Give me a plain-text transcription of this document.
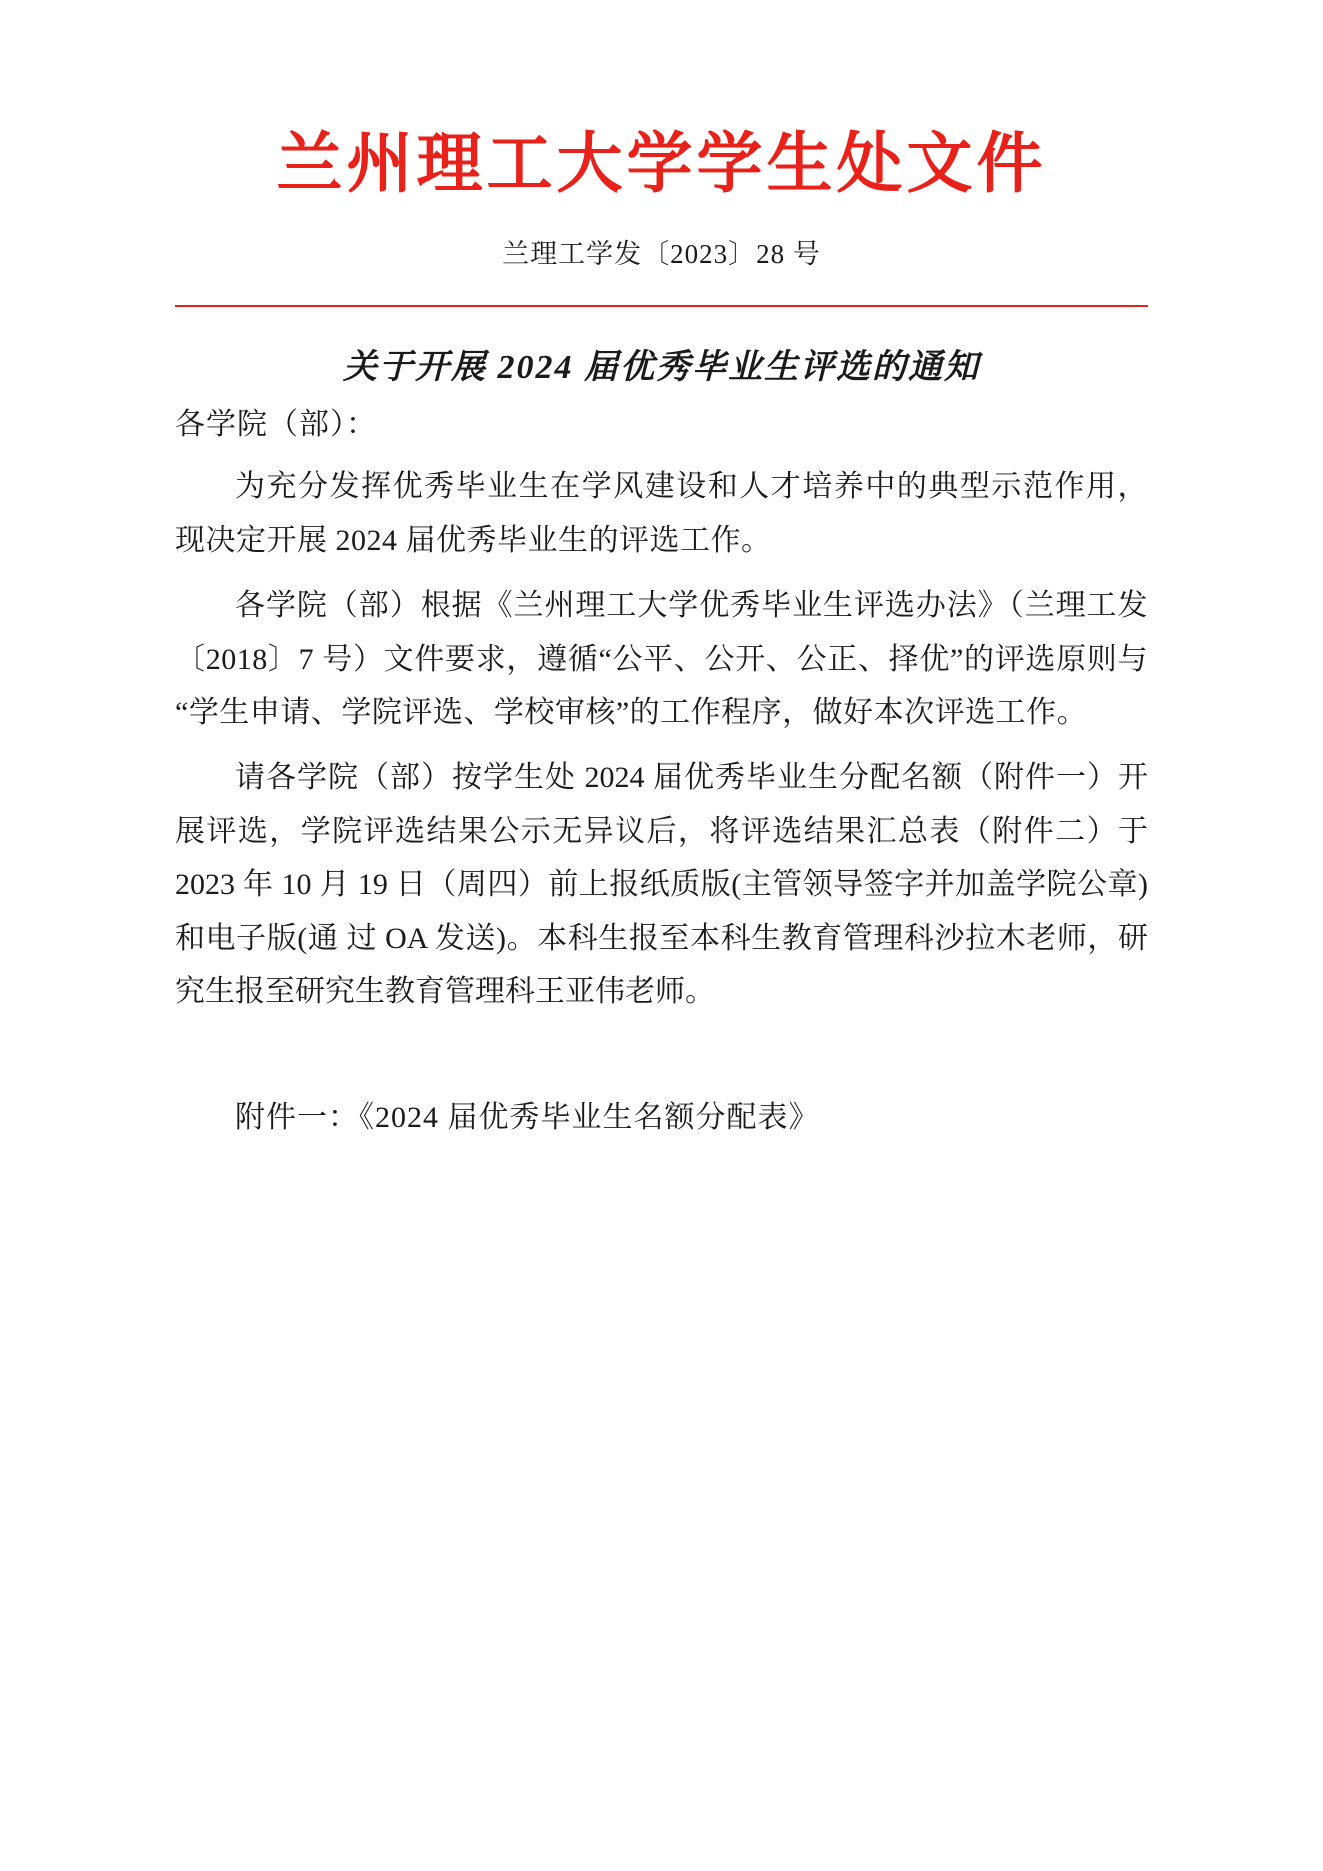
兰州理工大学学生处文件
兰理工学发〔2023〕28 号
关于开展 2024 届优秀毕业生评选的通知
各学院（部）：

为充分发挥优秀毕业生在学风建设和人才培养中的典型示范作用，现决定开展 2024 届优秀毕业生的评选工作。

各学院（部）根据《兰州理工大学优秀毕业生评选办法》（兰理工发〔2018〕7 号）文件要求，遵循“公平、公开、公正、择优”的评选原则与“学生申请、学院评选、学校审核”的工作程序，做好本次评选工作。

请各学院（部）按学生处 2024 届优秀毕业生分配名额（附件一）开展评选，学院评选结果公示无异议后，将评选结果汇总表（附件二）于 2023 年 10 月 19 日（周四）前上报纸质版(主管领导签字并加盖学院公章)和电子版(通 过 OA 发送)。本科生报至本科生教育管理科沙拉木老师，研究生报至研究生教育管理科王亚伟老师。

附件一：《2024 届优秀毕业生名额分配表》
